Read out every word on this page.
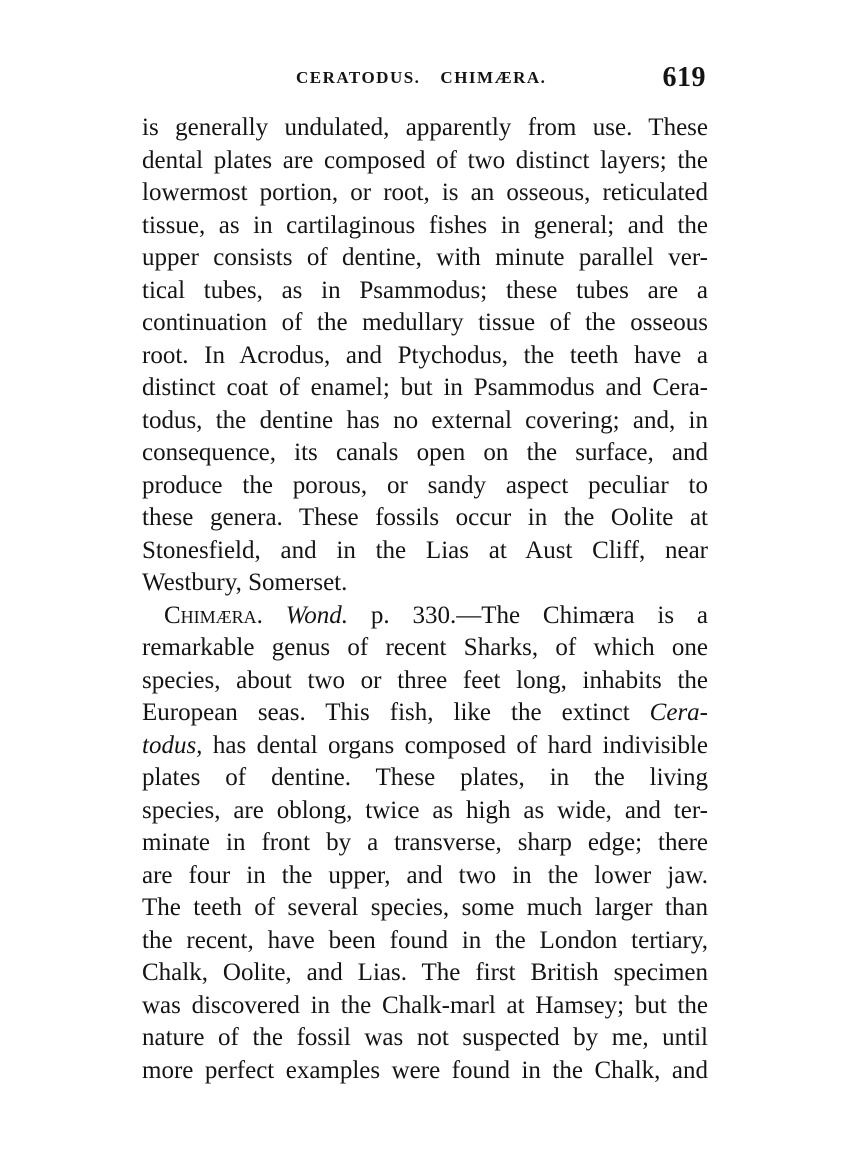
CERATODUS. CHIMÆRA.	619
is generally undulated, apparently from use. These
dental plates are composed of two distinct layers; the
lowermost portion, or root, is an osseous, reticulated
tissue, as in cartilaginous fishes in general; and the
upper consists of dentine, with minute parallel ver-
tical tubes, as in Psammodus; these tubes are a
continuation of the medullary tissue of the osseous
root. In Acrodus, and Ptychodus, the teeth have a
distinct coat of enamel; but in Psammodus and Cera-
todus, the dentine has no external covering; and, in
consequence, its canals open on the surface, and
produce the porous, or sandy aspect peculiar to
these genera. These fossils occur in the Oolite at
Stonesfield, and in the Lias at Aust Cliff, near
Westbury, Somerset.
Chimæra. Wond. p. 330.—The Chimæra is a
remarkable genus of recent Sharks, of which one
species, about two or three feet long, inhabits the
European seas. This fish, like the extinct Cera-
todus, has dental organs composed of hard indivisible
plates of dentine. These plates, in the living
species, are oblong, twice as high as wide, and ter-
minate in front by a transverse, sharp edge; there
are four in the upper, and two in the lower jaw.
The teeth of several species, some much larger than
the recent, have been found in the London tertiary,
Chalk, Oolite, and Lias. The first British specimen
was discovered in the Chalk-marl at Hamsey; but the
nature of the fossil was not suspected by me, until
more perfect examples were found in the Chalk, and
